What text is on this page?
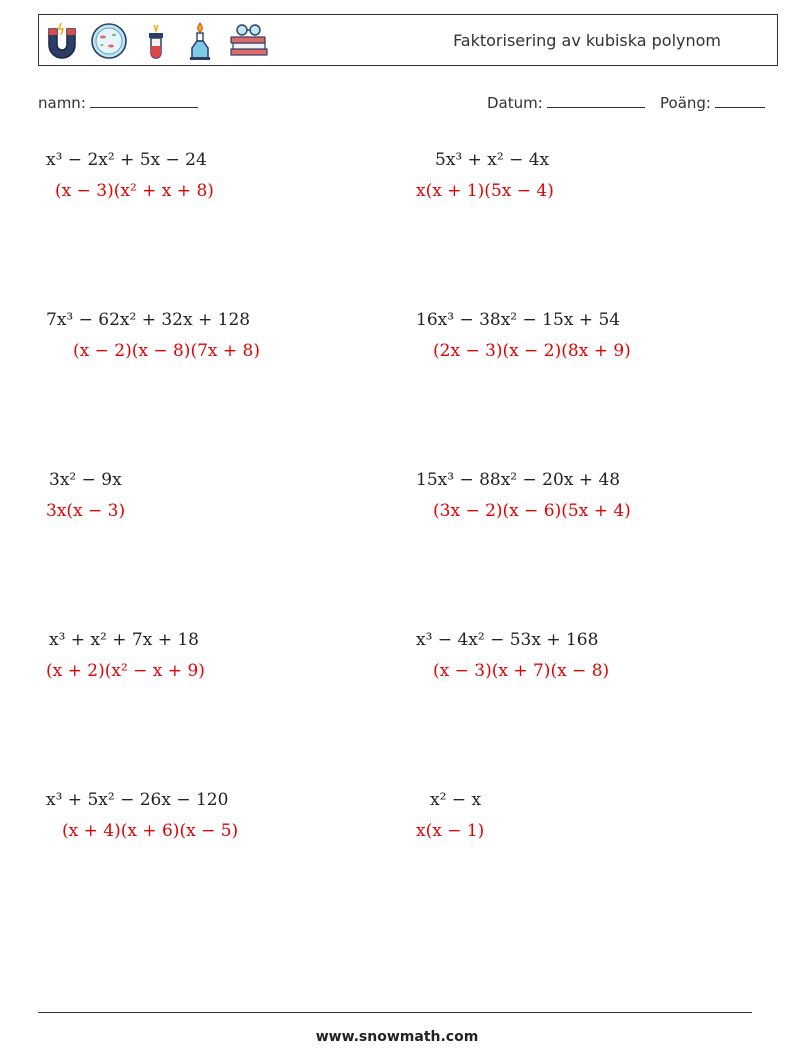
Faktorisering av kubiska polynom
namn:	Datum:	Poäng:
x³ − 2x² + 5x − 24
(x − 3)(x² + x + 8)
5x³ + x² − 4x
x(x + 1)(5x − 4)
7x³ − 62x² + 32x + 128
(x − 2)(x − 8)(7x + 8)
16x³ − 38x² − 15x + 54
(2x − 3)(x − 2)(8x + 9)
3x² − 9x
3x(x − 3)
15x³ − 88x² − 20x + 48
(3x − 2)(x − 6)(5x + 4)
x³ + x² + 7x + 18
(x + 2)(x² − x + 9)
x³ − 4x² − 53x + 168
(x − 3)(x + 7)(x − 8)
x³ + 5x² − 26x − 120
(x + 4)(x + 6)(x − 5)
x² − x
x(x − 1)
www.snowmath.com
